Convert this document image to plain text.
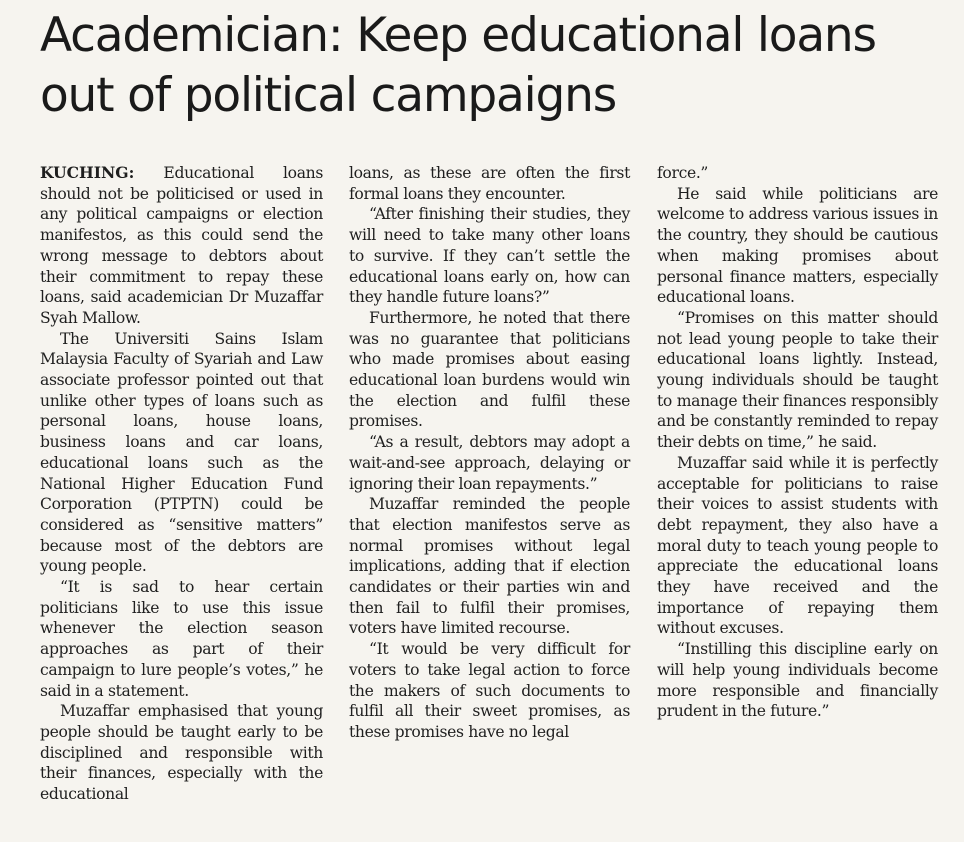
Academician: Keep educational loans out of political campaigns

KUCHING: Educational loans should not be politicised or used in any political campaigns or election manifestos, as this could send the wrong message to debtors about their commitment to repay these loans, said academician Dr Muzaffar Syah Mallow.

The Universiti Sains Islam Malaysia Faculty of Syariah and Law associate professor pointed out that unlike other types of loans such as personal loans, house loans, business loans and car loans, educational loans such as the National Higher Education Fund Corporation (PTPTN) could be considered as “sensitive matters” because most of the debtors are young people.

“It is sad to hear certain politicians like to use this issue whenever the election season approaches as part of their campaign to lure people’s votes,” he said in a statement.

Muzaffar emphasised that young people should be taught early to be disciplined and responsible with their finances, especially with the educational

loans, as these are often the first formal loans they encounter.

“After finishing their studies, they will need to take many other loans to survive. If they can’t settle the educational loans early on, how can they handle future loans?”

Furthermore, he noted that there was no guarantee that politicians who made promises about easing educational loan burdens would win the election and fulfil these promises.

“As a result, debtors may adopt a wait-and-see approach, delaying or ignoring their loan repayments.”

Muzaffar reminded the people that election manifestos serve as normal promises without legal implications, adding that if election candidates or their parties win and then fail to fulfil their promises, voters have limited recourse.

“It would be very difficult for voters to take legal action to force the makers of such documents to fulfil all their sweet promises, as these promises have no legal

force.”

He said while politicians are welcome to address various issues in the country, they should be cautious when making promises about personal finance matters, especially educational loans.

“Promises on this matter should not lead young people to take their educational loans lightly. Instead, young individuals should be taught to manage their finances responsibly and be constantly reminded to repay their debts on time,” he said.

Muzaffar said while it is perfectly acceptable for politicians to raise their voices to assist students with debt repayment, they also have a moral duty to teach young people to appreciate the educational loans they have received and the importance of repaying them without excuses.

“Instilling this discipline early on will help young individuals become more responsible and financially prudent in the future.”
